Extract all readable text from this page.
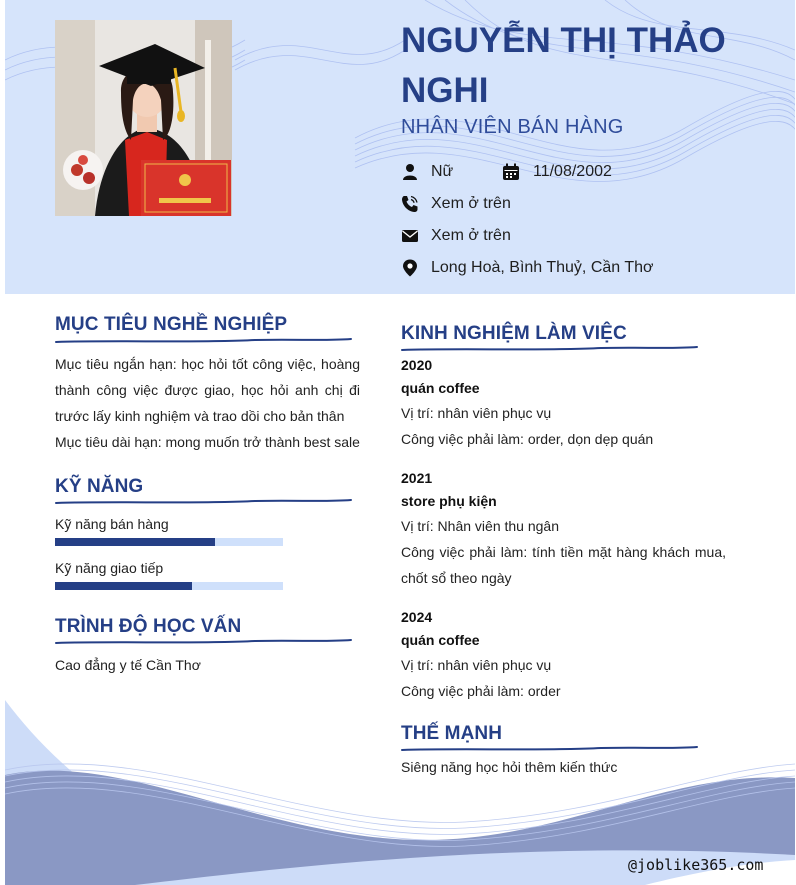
NGUYỄN THỊ THẢO NGHI
NHÂN VIÊN BÁN HÀNG
Nữ	11/08/2002
Xem ở trên
Xem ở trên
Long Hoà, Bình Thuỷ, Cần Thơ
MỤC TIÊU NGHỀ NGHIỆP

Mục tiêu ngắn hạn: học hỏi tốt công việc, hoàng thành công việc được giao, học hỏi anh chị đi trước lấy kinh nghiệm và trao dồi cho bản thân

Mục tiêu dài hạn: mong muốn trở thành best sale

KỸ NĂNG
Kỹ năng bán hàng
Kỹ năng giao tiếp
TRÌNH ĐỘ HỌC VẤN
Cao đẳng y tế Cần Thơ
KINH NGHIỆM LÀM VIỆC
2020
quán coffee
Vị trí: nhân viên phục vụ
Công việc phải làm: order, dọn dẹp quán
2021
store phụ kiện
Vị trí: Nhân viên thu ngân
Công việc phải làm: tính tiền mặt hàng khách mua, chốt sổ theo ngày
2024
quán coffee
Vị trí: nhân viên phục vụ
Công việc phải làm: order
THẾ MẠNH
Siêng năng học hỏi thêm kiến thức
@joblike365.com
